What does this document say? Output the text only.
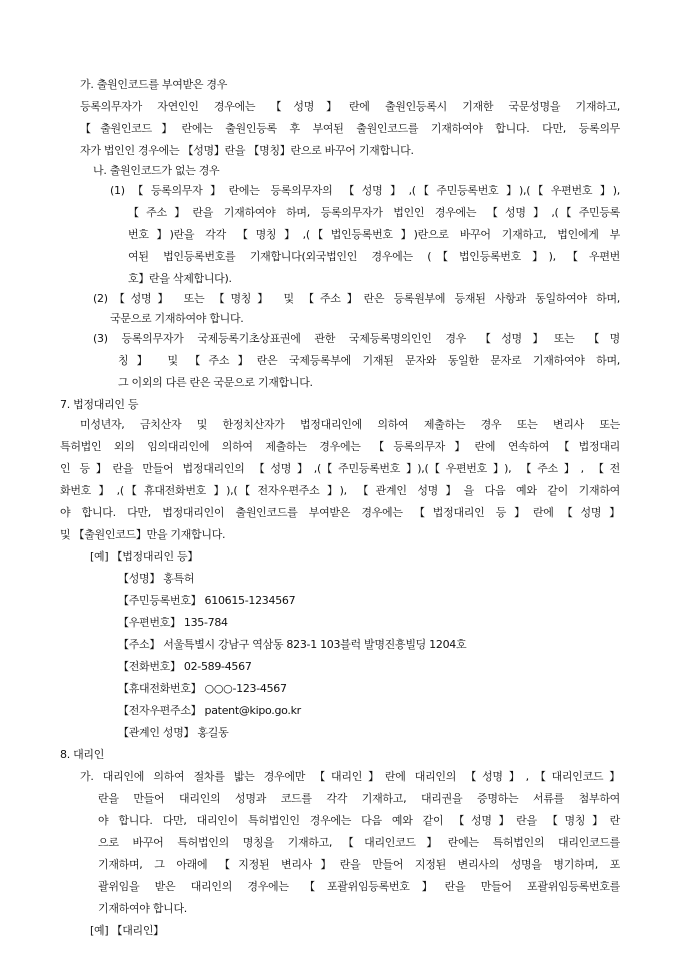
가. 출원인코드를 부여받은 경우
등록의무자가 자연인인 경우에는 【성명】란에 출원인등록시 기재한 국문성명을 기재하고,
【출원인코드】란에는 출원인등록 후 부여된 출원인코드를 기재하여야 합니다. 다만, 등록의무
자가 법인인 경우에는 【성명】란을 【명칭】란으로 바꾸어 기재합니다.
나. 출원인코드가 없는 경우
(1)【등록의무자】란에는 등록의무자의 【성명】,(【주민등록번호】),(【우편번호】),
【주소】란을 기재하여야 하며, 등록의무자가 법인인 경우에는 【성명】,(【주민등록
번호】)란을 각각 【명칭】,(【법인등록번호】)란으로 바꾸어 기재하고, 법인에게 부
여된 법인등록번호를 기재합니다(외국법인인 경우에는 (【법인등록번호】),【우편번
호】란을 삭제합니다).
(2)【성명】 또는 【명칭】 및 【주소】란은 등록원부에 등재된 사항과 동일하여야 하며,
국문으로 기재하여야 합니다.
(3) 등록의무자가 국제등록기초상표권에 관한 국제등록명의인인 경우 【성명】또는 【명
칭】 및 【주소】란은 국제등록부에 기재된 문자와 동일한 문자로 기재하여야 하며,
그 이외의 다른 란은 국문으로 기재합니다.
7. 법정대리인 등
미성년자, 금치산자 및 한정치산자가 법정대리인에 의하여 제출하는 경우 또는 변리사 또는
특허법인 외의 임의대리인에 의하여 제출하는 경우에는 【등록의무자】란에 연속하여【법정대리
인 등】란을 만들어 법정대리인의 【성명】,(【주민등록번호】),(【우편번호】), 【주소】, 【전
화번호】,(【휴대전화번호】),(【전자우편주소】), 【관계인 성명】을 다음 예와 같이 기재하여
야 합니다. 다만, 법정대리인이 출원인코드를 부여받은 경우에는 【법정대리인 등】란에【성명】
및 【출원인코드】만을 기재합니다.
[예] 【법정대리인 등】
【성명】 홍특허
【주민등록번호】 610615-1234567
【우편번호】 135-784
【주소】 서울특별시 강남구 역삼동 823-1 103블럭 발명진흥빌딩 1204호
【전화번호】 02-589-4567
【휴대전화번호】 ○○○-123-4567
【전자우편주소】 patent@kipo.go.kr
【관계인 성명】 홍길동
8. 대리인
가. 대리인에 의하여 절차를 밟는 경우에만 【대리인】란에 대리인의 【성명】,【대리인코드】
란을 만들어 대리인의 성명과 코드를 각각 기재하고, 대리권을 증명하는 서류를 첨부하여
야 합니다. 다만, 대리인이 특허법인인 경우에는 다음 예와 같이 【성명】란을 【명칭】란
으로 바꾸어 특허법인의 명칭을 기재하고,【대리인코드】란에는 특허법인의 대리인코드를
기재하며, 그 아래에 【지정된 변리사】란을 만들어 지정된 변리사의 성명을 병기하며, 포
괄위임을 받은 대리인의 경우에는 【포괄위임등록번호】란을 만들어 포괄위임등록번호를
기재하여야 합니다.
[예] 【대리인】
